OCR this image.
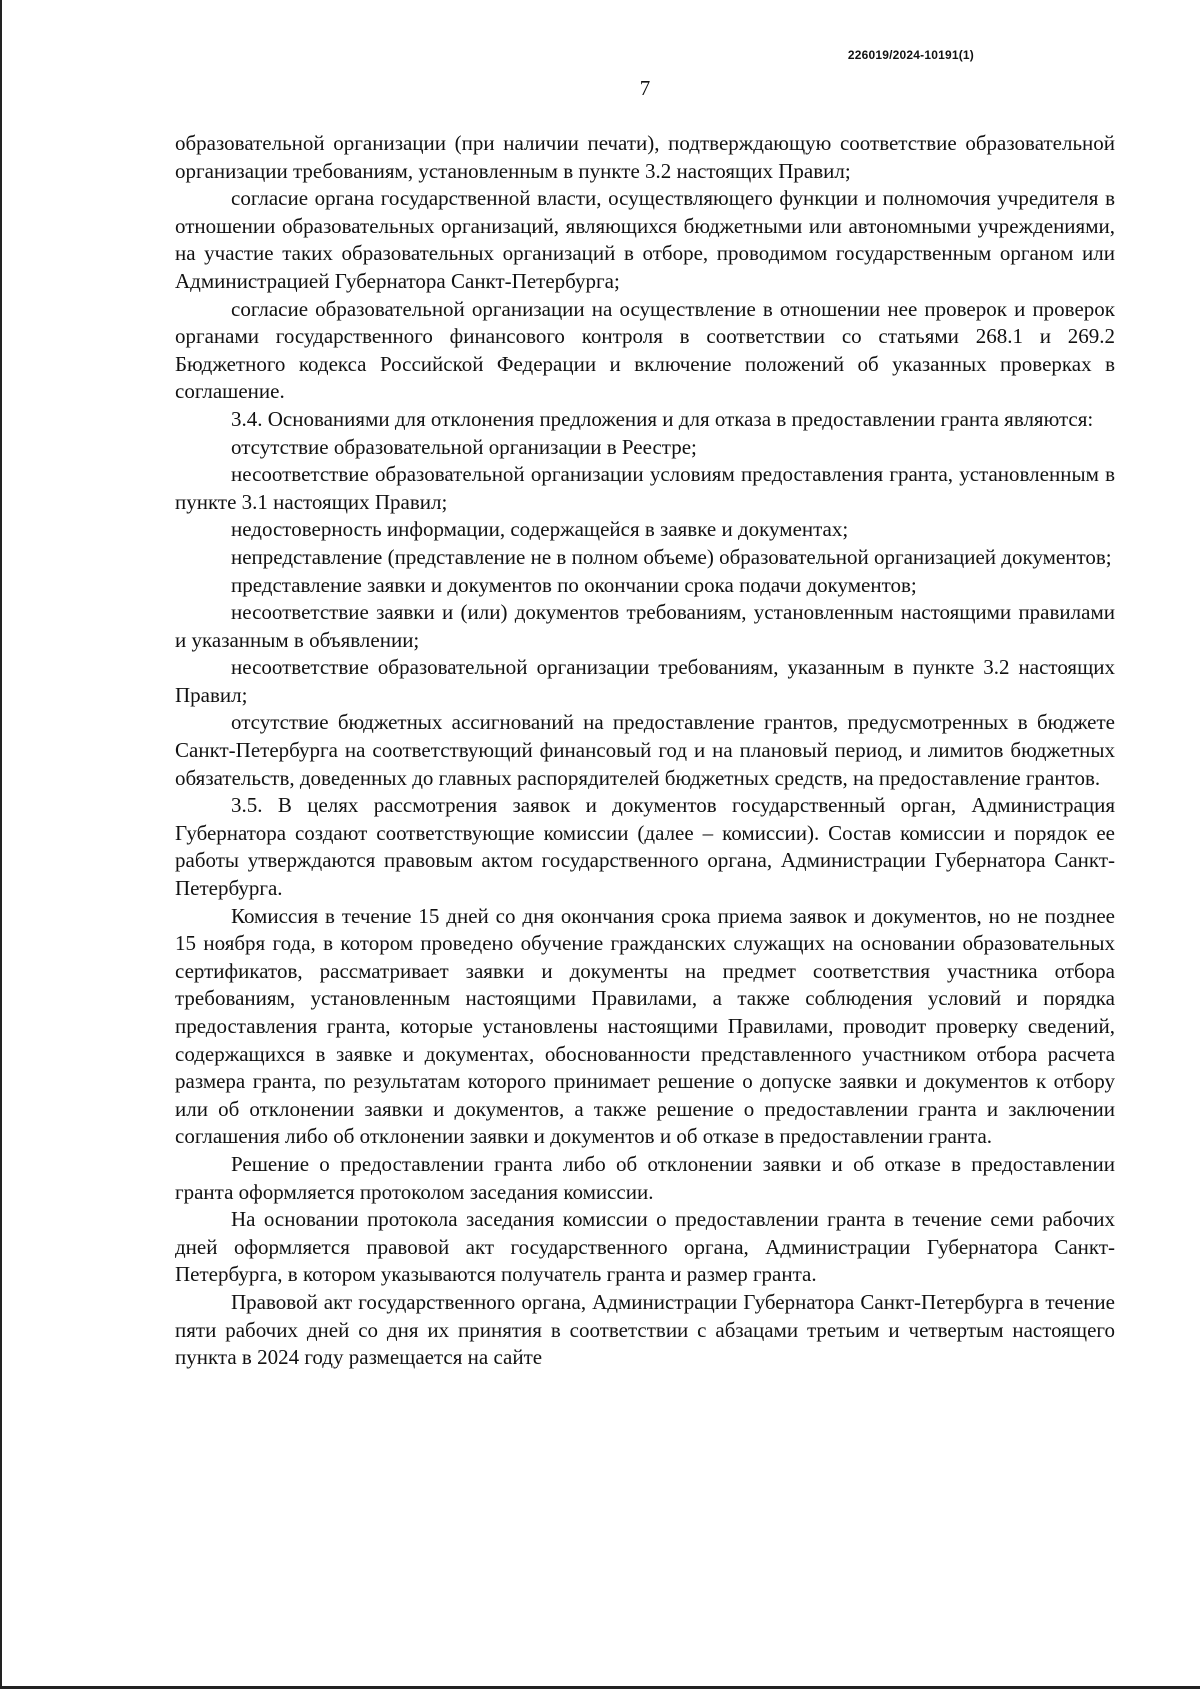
226019/2024-10191(1)
7

образовательной организации (при наличии печати), подтверждающую соответствие образовательной организации требованиям, установленным в пункте 3.2 настоящих Правил;

согласие органа государственной власти, осуществляющего функции и полномочия учредителя в отношении образовательных организаций, являющихся бюджетными или автономными учреждениями, на участие таких образовательных организаций в отборе, проводимом государственным органом или Администрацией Губернатора Санкт-Петербурга;

согласие образовательной организации на осуществление в отношении нее проверок и проверок органами государственного финансового контроля в соответствии со статьями 268.1 и 269.2 Бюджетного кодекса Российской Федерации и включение положений об указанных проверках в соглашение.

3.4. Основаниями для отклонения предложения и для отказа в предоставлении гранта являются:

отсутствие образовательной организации в Реестре;

несоответствие образовательной организации условиям предоставления гранта, установленным в пункте 3.1 настоящих Правил;

недостоверность информации, содержащейся в заявке и документах;

непредставление (представление не в полном объеме) образовательной организацией документов;

представление заявки и документов по окончании срока подачи документов;

несоответствие заявки и (или) документов требованиям, установленным настоящими правилами и указанным в объявлении;

несоответствие образовательной организации требованиям, указанным в пункте 3.2 настоящих Правил;

отсутствие бюджетных ассигнований на предоставление грантов, предусмотренных в бюджете Санкт-Петербурга на соответствующий финансовый год и на плановый период, и лимитов бюджетных обязательств, доведенных до главных распорядителей бюджетных средств, на предоставление грантов.

3.5. В целях рассмотрения заявок и документов государственный орган, Администрация Губернатора создают соответствующие комиссии (далее – комиссии). Состав комиссии и порядок ее работы утверждаются правовым актом государственного органа, Администрации Губернатора Санкт-Петербурга.

Комиссия в течение 15 дней со дня окончания срока приема заявок и документов, но не позднее 15 ноября года, в котором проведено обучение гражданских служащих на основании образовательных сертификатов, рассматривает заявки и документы на предмет соответствия участника отбора требованиям, установленным настоящими Правилами, а также соблюдения условий и порядка предоставления гранта, которые установлены настоящими Правилами, проводит проверку сведений, содержащихся в заявке и документах, обоснованности представленного участником отбора расчета размера гранта, по результатам которого принимает решение о допуске заявки и документов к отбору или об отклонении заявки и документов, а также решение о предоставлении гранта и заключении соглашения либо об отклонении заявки и документов и об отказе в предоставлении гранта.

Решение о предоставлении гранта либо об отклонении заявки и об отказе в предоставлении гранта оформляется протоколом заседания комиссии.

На основании протокола заседания комиссии о предоставлении гранта в течение семи рабочих дней оформляется правовой акт государственного органа, Администрации Губернатора Санкт-Петербурга, в котором указываются получатель гранта и размер гранта.

Правовой акт государственного органа, Администрации Губернатора Санкт-Петербурга в течение пяти рабочих дней со дня их принятия в соответствии с абзацами третьим и четвертым настоящего пункта в 2024 году размещается на сайте
